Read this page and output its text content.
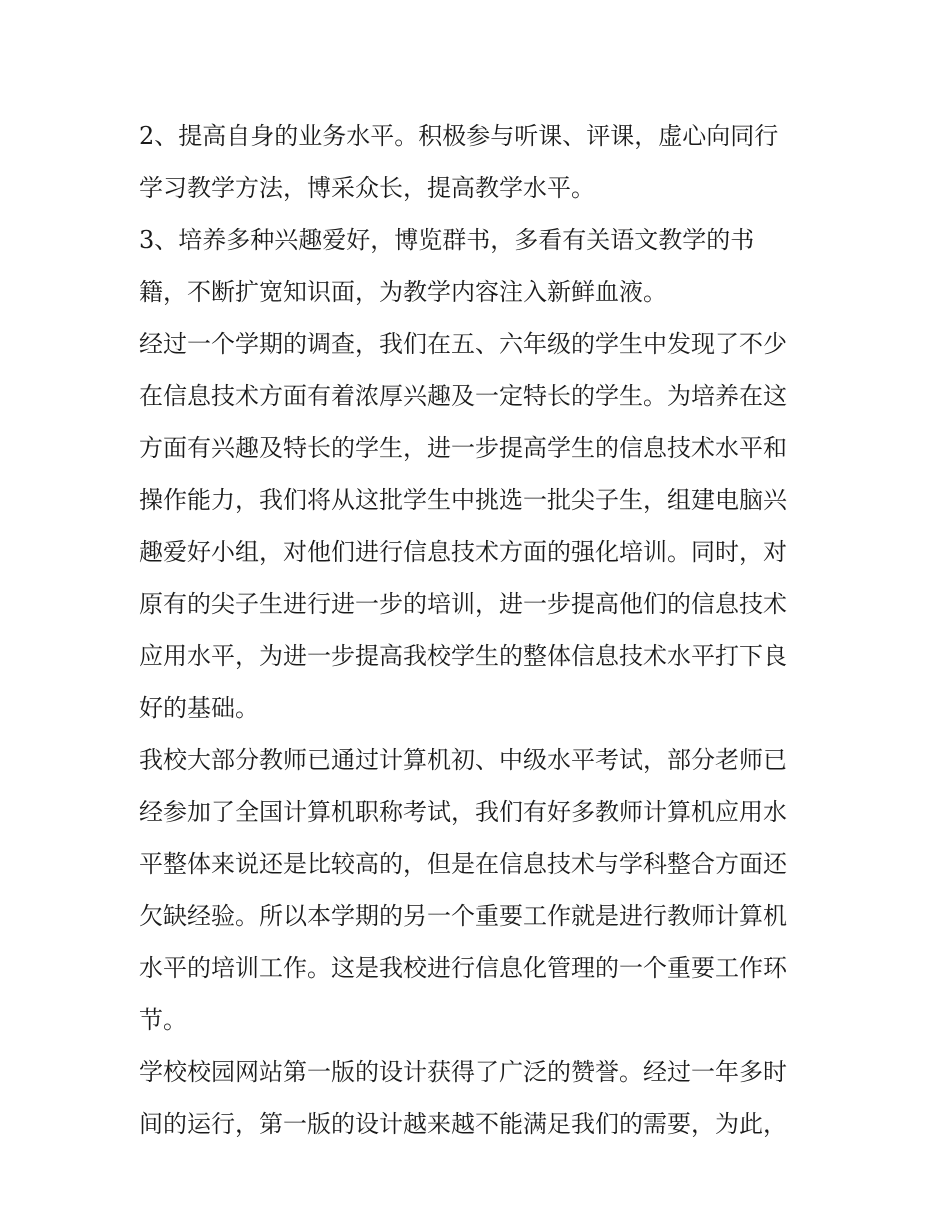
2、提高自身的业务水平。积极参与听课、评课，虚心向同行
学习教学方法，博采众长，提高教学水平。
3、培养多种兴趣爱好，博览群书，多看有关语文教学的书
籍，不断扩宽知识面，为教学内容注入新鲜血液。
经过一个学期的调查，我们在五、六年级的学生中发现了不少
在信息技术方面有着浓厚兴趣及一定特长的学生。为培养在这
方面有兴趣及特长的学生，进一步提高学生的信息技术水平和
操作能力，我们将从这批学生中挑选一批尖子生，组建电脑兴
趣爱好小组，对他们进行信息技术方面的强化培训。同时，对
原有的尖子生进行进一步的培训，进一步提高他们的信息技术
应用水平，为进一步提高我校学生的整体信息技术水平打下良
好的基础。
我校大部分教师已通过计算机初、中级水平考试，部分老师已
经参加了全国计算机职称考试，我们有好多教师计算机应用水
平整体来说还是比较高的，但是在信息技术与学科整合方面还
欠缺经验。所以本学期的另一个重要工作就是进行教师计算机
水平的培训工作。这是我校进行信息化管理的一个重要工作环
节。
学校校园网站第一版的设计获得了广泛的赞誉。经过一年多时
间的运行，第一版的设计越来越不能满足我们的需要，为此，
